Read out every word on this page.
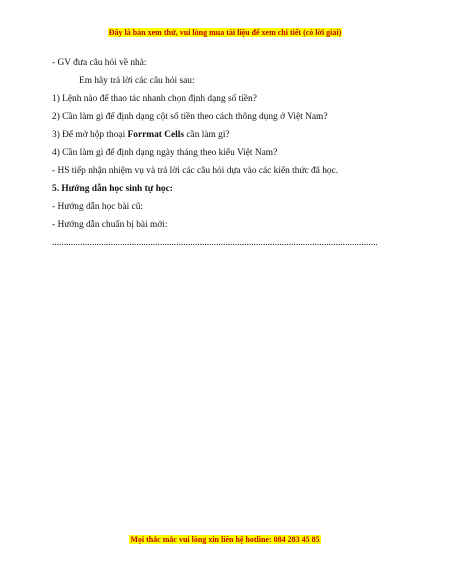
Đây là bản xem thử, vui lòng mua tài liệu để xem chi tiết (có lời giải)
- GV đưa câu hỏi về nhà:
Em hãy trả lời các câu hỏi sau:
1) Lệnh nào để thao tác nhanh chọn định dạng số tiền?
2) Cần làm gì để định dạng cột số tiền theo cách thông dụng ở Việt Nam?
3) Để mở hộp thoại Forrmat Cells cần làm gì?
4) Cần làm gì để định dạng ngày tháng theo kiểu Việt Nam?
- HS tiếp nhận nhiệm vụ và trả lời các câu hỏi dựa vào các kiến thức đã học.
5. Hướng dẫn học sinh tự học:
- Hướng dẫn học bài cũ:
- Hướng dẫn chuẩn bị bài mới:
...........................................................................................................................................
Mọi thắc mắc vui lòng xin liên hệ hotline: 084 283 45 85
